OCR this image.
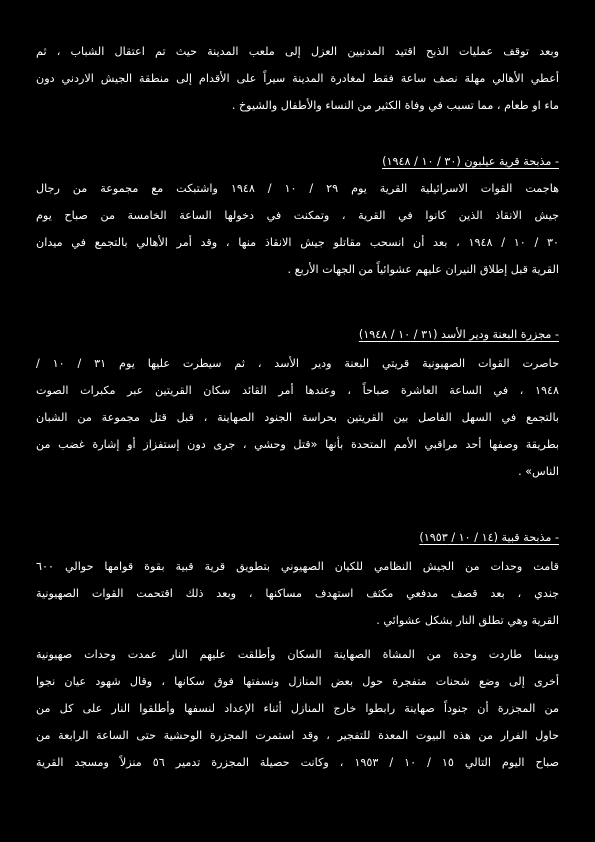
وبعد توقف عمليات الذبح اقتيد المدنيين العزل إلى ملعب المدينة حيث تم اعتقال الشباب ، ثم
أعطي الأهالي مهلة نصف ساعة فقط لمغادرة المدينة سيراً على الأقدام إلى منطقة الجيش الاردني دون
ماء او طعام ، مما تسبب في وفاة الكثير من النساء والأطفال والشيوخ .
- مذبحة قرية عيلبون (٣٠ / ١٠ / ١٩٤٨)
هاجمت القوات الاسرائيلية القرية يوم ٢٩ / ١٠ / ١٩٤٨ واشتبكت مع مجموعة من رجال
جيش الانقاذ الذين كانوا في القرية ، وتمكنت في دخولها الساعة الخامسة من صباح يوم
٣٠ / ١٠ / ١٩٤٨ ، بعد أن انسحب مقاتلو جيش الانقاذ منها ، وقد أمر الأهالي بالتجمع في ميدان
القرية قبل إطلاق النيران عليهم عشوائياً من الجهات الأربع .
- مجزرة البعنة ودير الأسد (٣١ / ١٠ / ١٩٤٨)
حاصرت القوات الصهيونية قريتي البعنة ودير الأسد ، ثم سيطرت عليها يوم ٣١ / ١٠ /
١٩٤٨ ، في الساعة العاشرة صباحاً ، وعندها أمر القائد سكان القريتين عبر مكبرات الصوت
بالتجمع في السهل الفاصل بين القريتين بحراسة الجنود الصهاينة ، قبل قتل مجموعة من الشبان
بطريقة وصفها أحد مراقبي الأمم المتحدة بأنها «قتل وحشي ، جرى دون إستفزاز أو إشارة غضب من
الناس» .
- مذبحة قبية (١٤ / ١٠ / ١٩٥٣)
قامت وحدات من الجيش النظامي للكيان الصهيوني بتطويق قرية قبية بقوة قوامها حوالي ٦٠٠
جندي ، بعد قصف مدفعي مكثف استهدف مساكنها ، وبعد ذلك اقتحمت القوات الصهيونية
القرية وهي تطلق النار بشكل عشوائي .
وبينما طاردت وحدة من المشاة الصهاينة السكان وأطلقت عليهم النار عمدت وحدات صهيونية
أخرى إلى وضع شحنات متفجرة حول بعض المنازل ونسفتها فوق سكانها ، وقال شهود عيان نجوا
من المجزرة أن جنوداً صهاينة رابطوا خارج المنازل أثناء الإعداد لنسفها وأطلقوا النار على كل من
حاول الفرار من هذه البيوت المعدة للتفجير ، وقد استمرت المجزرة الوحشية حتى الساعة الرابعة من
صباح اليوم التالي ١٥ / ١٠ / ١٩٥٣ ، وكانت حصيلة المجزرة تدمير ٥٦ منزلاً ومسجد القرية
